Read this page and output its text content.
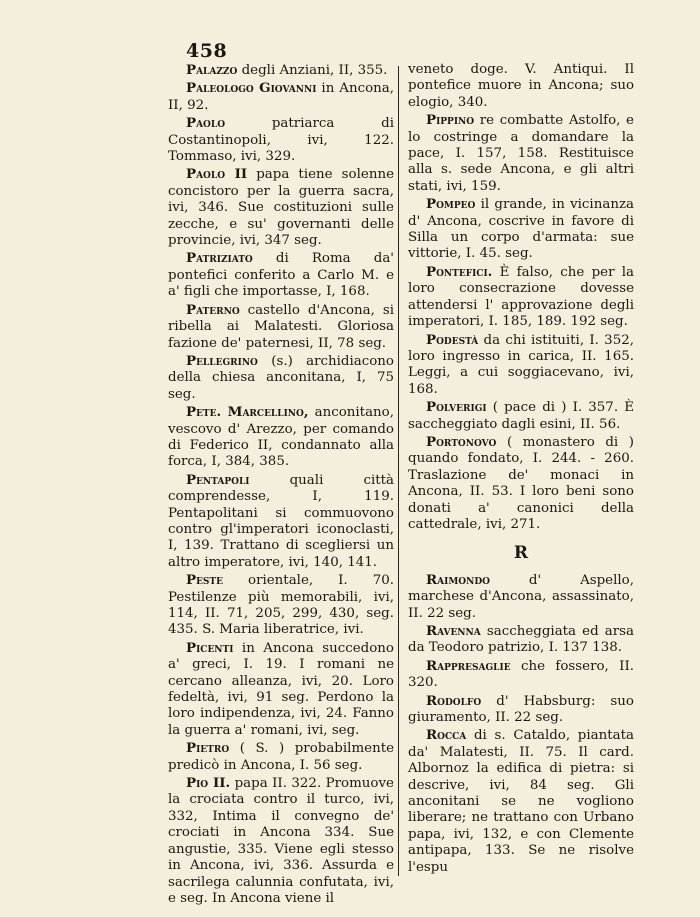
458

Palazzo degli Anziani, II, 355.

Paleologo Giovanni in Ancona, II, 92.

Paolo	patriarca di Costantinopoli, ivi, 122. Tommaso, ivi, 329.

Paolo II papa tiene solenne concistoro per la guerra sacra, ivi, 346. Sue costituzioni sulle zecche, e su' governanti delle provincie, ivi, 347 seg.

Patriziato di Roma da' pontefici conferito a Carlo M. e a' figli che importasse, I, 168.

Paterno castello d'Ancona, si ribella ai Malatesti. Gloriosa fazione de' paternesi, II, 78 seg.

Pellegrino (s.) archidiacono della chiesa anconitana, I, 75 seg.

Pete. Marcellino, anconitano, vescovo d' Arezzo, per comando di Federico II, condannato alla forca, I, 384, 385.

Pentapoli	quali città comprendesse, I, 119. Pentapolitani si commuovono contro gl'imperatori iconoclasti, I, 139. Trattano di scegliersi un altro imperatore, ivi, 140, 141.

Peste orientale, I. 70. Pestilenze più memorabili, ivi, 114, II. 71, 205, 299, 430, seg. 435. S. Maria liberatrice, ivi.

Picenti in Ancona succedono a' greci, I. 19. I romani ne cercano alleanza, ivi, 20. Loro fedeltà, ivi, 91 seg. Perdono la loro indipendenza, ivi, 24. Fanno la guerra a' romani, ivi, seg.

Pietro ( S. ) probabilmente predicò in Ancona, I. 56 seg.

Pio II. papa II. 322. Promuove la crociata contro il turco, ivi, 332, Intima il convegno de' crociati in Ancona 334. Sue angustie, 335. Viene egli stesso in Ancona, ivi, 336. Assurda e sacrilega calunnia confutata, ivi, e seg. In Ancona viene il

veneto doge. V. Antiqui. Il pontefice muore in Ancona; suo elogio, 340.

Pippino re combatte Astolfo, e lo costringe a domandare la pace, I. 157, 158. Restituisce alla s. sede Ancona, e gli altri stati, ivi, 159.

Pompeo il grande, in vicinanza d' Ancona, coscrive in favore di Silla un corpo d'armata: sue vittorie, I. 45. seg.

Pontefici. È falso, che per la loro consecrazione dovesse attendersi l' approvazione degli imperatori, I. 185, 189. 192 seg.

Podestà da chi istituiti, I. 352, loro ingresso in carica, II. 165. Leggi, a cui soggiacevano, ivi, 168.

Polverigi ( pace di ) I. 357. È saccheggiato dagli esini, II. 56.

Portonovo ( monastero di ) quando fondato, I. 244. - 260. Traslazione de' monaci in Ancona, II. 53. I loro beni sono donati a' canonici della cattedrale, ivi, 271.

R

Raimondo	d' Aspello, marchese d'Ancona, assassinato, II. 22 seg.

Ravenna saccheggiata ed arsa da Teodoro patrizio, I. 137 138.

Rappresaglie che fossero, II. 320.

Rodolfo d' Habsburg: suo giuramento, II. 22 seg.

Rocca di s. Cataldo, piantata da' Malatesti, II. 75. Il card. Albornoz la edifica di pietra: si descrive, ivi, 84 seg. Gli anconitani se ne vogliono liberare; ne trattano con Urbano papa, ivi, 132, e con Clemente antipapa, 133. Se ne risolve l'espu
